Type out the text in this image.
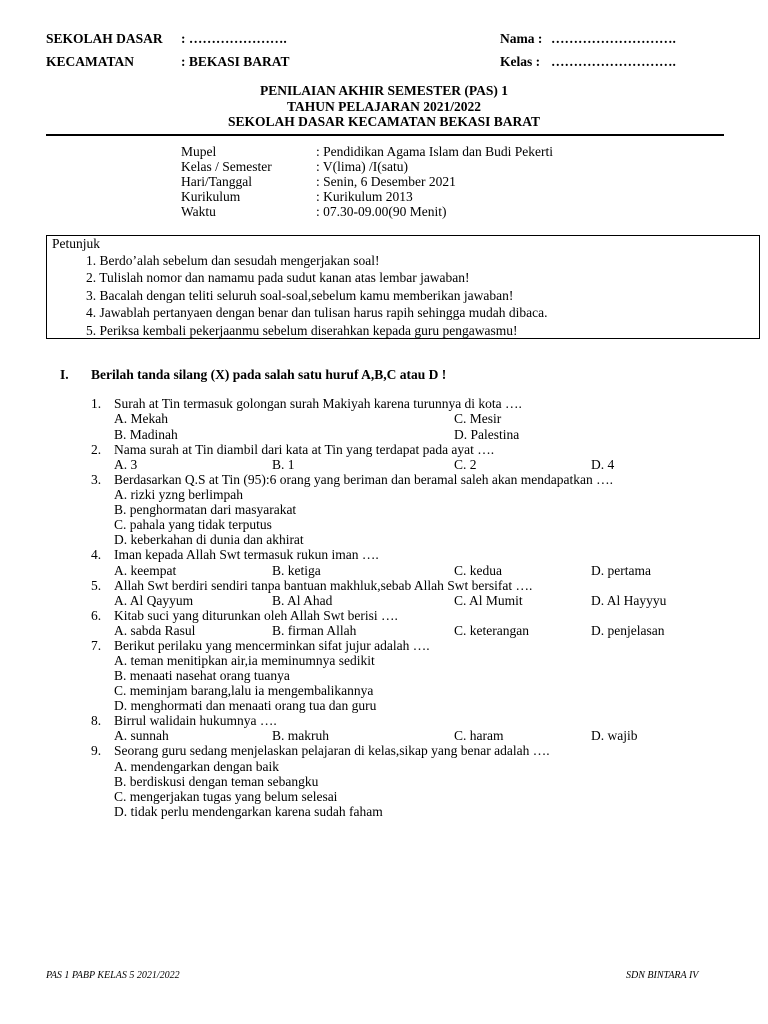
SEKOLAH DASAR : ………………….
KECAMATAN	: BEKASI BARAT
Nama : ……………………….
Kelas : ……………………….
PENILAIAN AKHIR SEMESTER (PAS) 1
TAHUN PELAJARAN 2021/2022
SEKOLAH DASAR KECAMATAN BEKASI BARAT
Mupel	: Pendidikan Agama Islam dan Budi Pekerti
Kelas / Semester	: V(lima) /I(satu)
Hari/Tanggal	: Senin, 6 Desember 2021
Kurikulum	: Kurikulum 2013
Waktu	: 07.30-09.00(90 Menit)
Petunjuk
1. Berdo’alah sebelum dan sesudah mengerjakan soal!
2. Tulislah nomor dan namamu pada sudut kanan atas lembar jawaban!
3. Bacalah dengan teliti seluruh soal-soal,sebelum kamu memberikan jawaban!
4. Jawablah pertanyaen dengan benar dan tulisan harus rapih sehingga mudah dibaca.
5. Periksa kembali pekerjaanmu sebelum diserahkan kepada guru pengawasmu!
I. Berilah tanda silang (X) pada salah satu huruf A,B,C atau D !
1. Surah at Tin termasuk golongan surah Makiyah karena turunnya di kota ….
A. Mekah	C. Mesir
B. Madinah	D. Palestina
2. Nama surah at Tin diambil dari kata at Tin yang terdapat pada ayat ….
A. 3	B. 1	C. 2	D. 4
3. Berdasarkan Q.S at Tin (95):6 orang yang beriman dan beramal saleh akan mendapatkan ….
A. rizki yzng berlimpah
B. penghormatan dari masyarakat
C. pahala yang tidak terputus
D. keberkahan di dunia dan akhirat
4. Iman kepada Allah Swt termasuk rukun iman ….
A. keempat	B. ketiga	C. kedua	D. pertama
5. Allah Swt berdiri sendiri tanpa bantuan makhluk,sebab Allah Swt bersifat ….
A. Al Qayyum	B. Al Ahad	C. Al Mumit	D. Al Hayyyu
6. Kitab suci yang diturunkan oleh Allah Swt berisi ….
A. sabda Rasul	B. firman Allah	C. keterangan	D. penjelasan
7. Berikut perilaku yang mencerminkan sifat jujur adalah ….
A. teman menitipkan air,ia meminumnya sedikit
B. menaati nasehat orang tuanya
C. meminjam barang,lalu ia mengembalikannya
D. menghormati dan menaati orang tua dan guru
8. Birrul walidain hukumnya ….
A. sunnah	B. makruh	C. haram	D. wajib
9. Seorang guru sedang menjelaskan pelajaran di kelas,sikap yang benar adalah ….
A. mendengarkan dengan baik
B. berdiskusi dengan teman sebangku
C. mengerjakan tugas yang belum selesai
D. tidak perlu mendengarkan karena sudah faham
PAS 1 PABP KELAS 5 2021/2022	SDN BINTARA IV
